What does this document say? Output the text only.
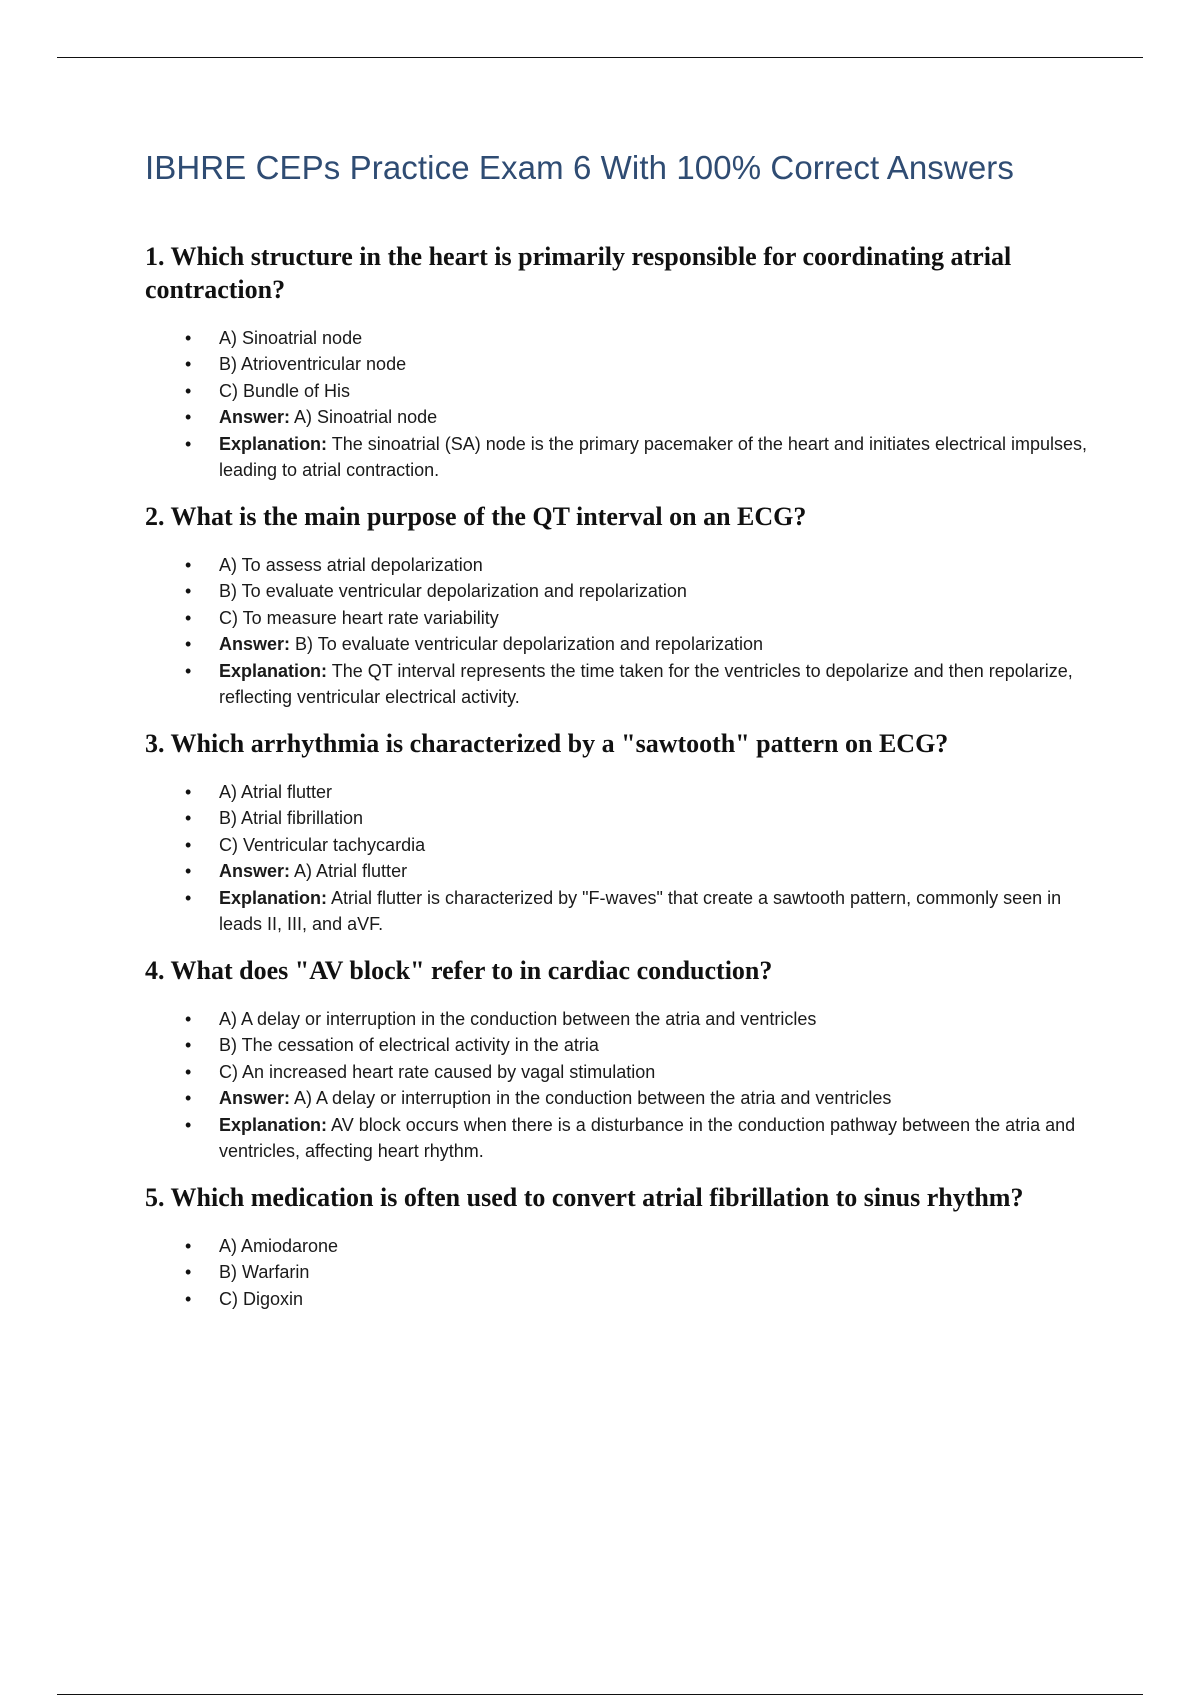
IBHRE CEPs Practice Exam 6 With 100% Correct Answers
1. Which structure in the heart is primarily responsible for coordinating atrial contraction?
• A) Sinoatrial node
• B) Atrioventricular node
• C) Bundle of His
• Answer: A) Sinoatrial node
• Explanation: The sinoatrial (SA) node is the primary pacemaker of the heart and initiates electrical impulses, leading to atrial contraction.
2. What is the main purpose of the QT interval on an ECG?
• A) To assess atrial depolarization
• B) To evaluate ventricular depolarization and repolarization
• C) To measure heart rate variability
• Answer: B) To evaluate ventricular depolarization and repolarization
• Explanation: The QT interval represents the time taken for the ventricles to depolarize and then repolarize, reflecting ventricular electrical activity.
3. Which arrhythmia is characterized by a "sawtooth" pattern on ECG?
• A) Atrial flutter
• B) Atrial fibrillation
• C) Ventricular tachycardia
• Answer: A) Atrial flutter
• Explanation: Atrial flutter is characterized by "F-waves" that create a sawtooth pattern, commonly seen in leads II, III, and aVF.
4. What does "AV block" refer to in cardiac conduction?
• A) A delay or interruption in the conduction between the atria and ventricles
• B) The cessation of electrical activity in the atria
• C) An increased heart rate caused by vagal stimulation
• Answer: A) A delay or interruption in the conduction between the atria and ventricles
• Explanation: AV block occurs when there is a disturbance in the conduction pathway between the atria and ventricles, affecting heart rhythm.
5. Which medication is often used to convert atrial fibrillation to sinus rhythm?
• A) Amiodarone
• B) Warfarin
• C) Digoxin
